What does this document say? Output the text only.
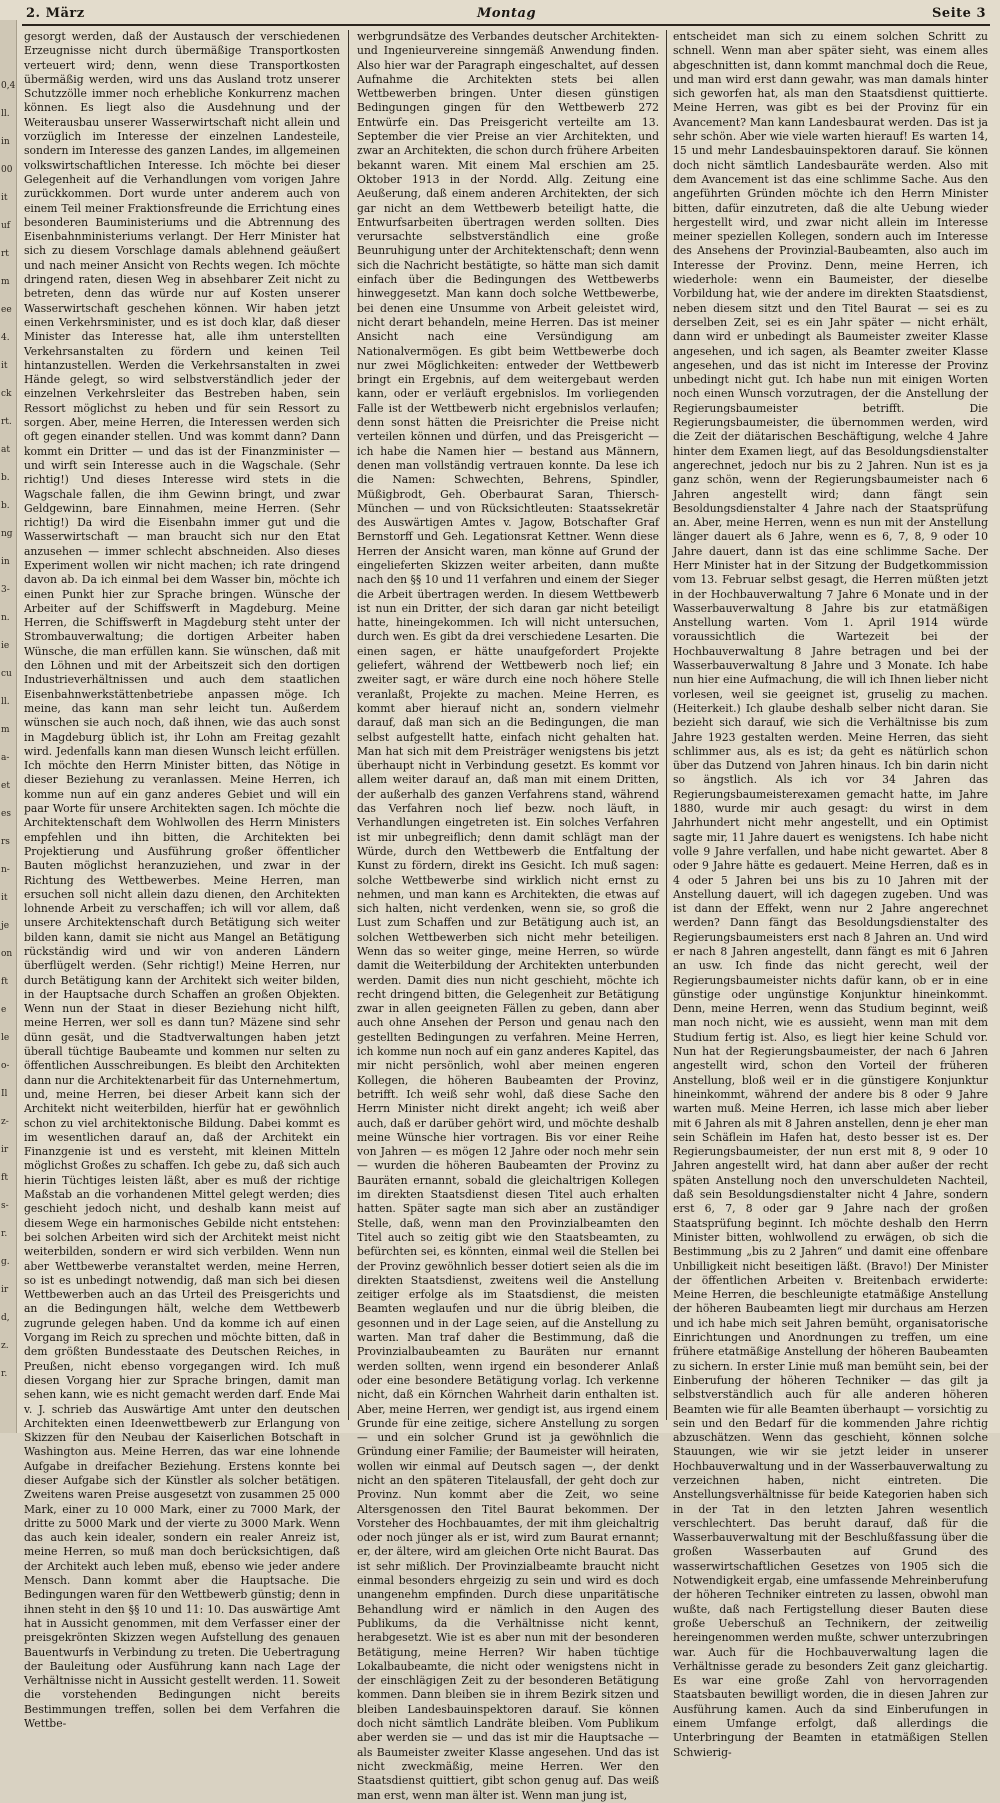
0,4
ll.
in
00
it
uf
rt
m
ee
4.
it
ck
rt.
at
b.
b.
ng
in
3-
n.
ie
cu
ll.
m
a-
et
es
rs
n-
it
je
on
ft
e
le
o-
Il
z-
ir
ft
s-
r.
g.
ir
d,
z.
r.
2. März	Montag	Seite 3

gesorgt werden, daß der Austausch der verschiedenen Erzeugnisse nicht durch übermäßige Transportkosten verteuert wird; denn, wenn diese Transportkosten übermäßig werden, wird uns das Ausland trotz unserer Schutzzölle immer noch erhebliche Konkurrenz machen können. Es liegt also die Ausdehnung und der Weiterausbau unserer Wasserwirtschaft nicht allein und vorzüglich im Interesse der einzelnen Landesteile, sondern im Interesse des ganzen Landes, im allgemeinen volkswirtschaftlichen Interesse. Ich möchte bei dieser Gelegenheit auf die Verhandlungen vom vorigen Jahre zurückkommen. Dort wurde unter anderem auch von einem Teil meiner Fraktionsfreunde die Errichtung eines besonderen Bauministeriums und die Abtrennung des Eisenbahnministeriums verlangt. Der Herr Minister hat sich zu diesem Vorschlage damals ablehnend geäußert und nach meiner Ansicht von Rechts wegen. Ich möchte dringend raten, diesen Weg in absehbarer Zeit nicht zu betreten, denn das würde nur auf Kosten unserer Wasserwirtschaft geschehen können. Wir haben jetzt einen Verkehrsminister, und es ist doch klar, daß dieser Minister das Interesse hat, alle ihm unterstellten Verkehrsanstalten zu fördern und keinen Teil hintanzustellen. Werden die Verkehrsanstalten in zwei Hände gelegt, so wird selbstverständlich jeder der einzelnen Verkehrsleiter das Bestreben haben, sein Ressort möglichst zu heben und für sein Ressort zu sorgen. Aber, meine Herren, die Interessen werden sich oft gegen einander stellen. Und was kommt dann? Dann kommt ein Dritter — und das ist der Finanzminister — und wirft sein Interesse auch in die Wagschale. (Sehr richtig!) Und dieses Interesse wird stets in die Wagschale fallen, die ihm Gewinn bringt, und zwar Geldgewinn, bare Einnahmen, meine Herren. (Sehr richtig!) Da wird die Eisenbahn immer gut und die Wasserwirtschaft — man braucht sich nur den Etat anzusehen — immer schlecht abschneiden. Also dieses Experiment wollen wir nicht machen; ich rate dringend davon ab. Da ich einmal bei dem Wasser bin, möchte ich einen Punkt hier zur Sprache bringen. Wünsche der Arbeiter auf der Schiffswerft in Magdeburg. Meine Herren, die Schiffswerft in Magdeburg steht unter der Strombauverwaltung; die dortigen Arbeiter haben Wünsche, die man erfüllen kann. Sie wünschen, daß mit den Löhnen und mit der Arbeitszeit sich den dortigen Industrieverhältnissen und auch dem staatlichen Eisenbahnwerkstättenbetriebe anpassen möge. Ich meine, das kann man sehr leicht tun. Außerdem wünschen sie auch noch, daß ihnen, wie das auch sonst in Magdeburg üblich ist, ihr Lohn am Freitag gezahlt wird. Jedenfalls kann man diesen Wunsch leicht erfüllen. Ich möchte den Herrn Minister bitten, das Nötige in dieser Beziehung zu veranlassen. Meine Herren, ich komme nun auf ein ganz anderes Gebiet und will ein paar Worte für unsere Architekten sagen. Ich möchte die Architektenschaft dem Wohlwollen des Herrn Ministers empfehlen und ihn bitten, die Architekten bei Projektierung und Ausführung großer öffentlicher Bauten möglichst heranzuziehen, und zwar in der Richtung des Wettbewerbes. Meine Herren, man ersuchen soll nicht allein dazu dienen, den Architekten lohnende Arbeit zu verschaffen; ich will vor allem, daß unsere Architektenschaft durch Betätigung sich weiter bilden kann, damit sie nicht aus Mangel an Betätigung rückständig wird und wir von anderen Ländern überflügelt werden. (Sehr richtig!) Meine Herren, nur durch Betätigung kann der Architekt sich weiter bilden, in der Hauptsache durch Schaffen an großen Objekten. Wenn nun der Staat in dieser Beziehung nicht hilft, meine Herren, wer soll es dann tun? Mäzene sind sehr dünn gesät, und die Stadtverwaltungen haben jetzt überall tüchtige Baubeamte und kommen nur selten zu öffentlichen Ausschreibungen. Es bleibt den Architekten dann nur die Architektenarbeit für das Unternehmertum, und, meine Herren, bei dieser Arbeit kann sich der Architekt nicht weiterbilden, hierfür hat er gewöhnlich schon zu viel architektonische Bildung. Dabei kommt es im wesentlichen darauf an, daß der Architekt ein Finanzgenie ist und es versteht, mit kleinen Mitteln möglichst Großes zu schaffen. Ich gebe zu, daß sich auch hierin Tüchtiges leisten läßt, aber es muß der richtige Maßstab an die vorhandenen Mittel gelegt werden; dies geschieht jedoch nicht, und deshalb kann meist auf diesem Wege ein harmonisches Gebilde nicht entstehen: bei solchen Arbeiten wird sich der Architekt meist nicht weiterbilden, sondern er wird sich verbilden. Wenn nun aber Wettbewerbe veranstaltet werden, meine Herren, so ist es unbedingt notwendig, daß man sich bei diesen Wettbewerben auch an das Urteil des Preisgerichts und an die Bedingungen hält, welche dem Wettbewerb zugrunde gelegen haben. Und da komme ich auf einen Vorgang im Reich zu sprechen und möchte bitten, daß in dem größten Bundesstaate des Deutschen Reiches, in Preußen, nicht ebenso vorgegangen wird. Ich muß diesen Vorgang hier zur Sprache bringen, damit man sehen kann, wie es nicht gemacht werden darf. Ende Mai v. J. schrieb das Auswärtige Amt unter den deutschen Architekten einen Ideenwettbewerb zur Erlangung von Skizzen für den Neubau der Kaiserlichen Botschaft in Washington aus. Meine Herren, das war eine lohnende Aufgabe in dreifacher Beziehung. Erstens konnte bei dieser Aufgabe sich der Künstler als solcher betätigen. Zweitens waren Preise ausgesetzt von zusammen 25 000 Mark, einer zu 10 000 Mark, einer zu 7000 Mark, der dritte zu 5000 Mark und der vierte zu 3000 Mark. Wenn das auch kein idealer, sondern ein realer Anreiz ist, meine Herren, so muß man doch berücksichtigen, daß der Architekt auch leben muß, ebenso wie jeder andere Mensch. Dann kommt aber die Hauptsache. Die Bedingungen waren für den Wettbewerb günstig; denn in ihnen steht in den §§ 10 und 11: 10. Das auswärtige Amt hat in Aussicht genommen, mit dem Verfasser einer der preisgekrönten Skizzen wegen Aufstellung des genauen Bauentwurfs in Verbindung zu treten. Die Uebertragung der Bauleitung oder Ausführung kann nach Lage der Verhältnisse nicht in Aussicht gestellt werden. 11. Soweit die vorstehenden Bedingungen nicht bereits Bestimmungen treffen, sollen bei dem Verfahren die Wettbe-

werbgrundsätze des Verbandes deutscher Architekten- und Ingenieurvereine sinngemäß Anwendung finden. Also hier war der Paragraph eingeschaltet, auf dessen Aufnahme die Architekten stets bei allen Wettbewerben bringen. Unter diesen günstigen Bedingungen gingen für den Wettbewerb 272 Entwürfe ein. Das Preisgericht verteilte am 13. September die vier Preise an vier Architekten, und zwar an Architekten, die schon durch frühere Arbeiten bekannt waren. Mit einem Mal erschien am 25. Oktober 1913 in der Nordd. Allg. Zeitung eine Aeußerung, daß einem anderen Architekten, der sich gar nicht an dem Wettbewerb beteiligt hatte, die Entwurfsarbeiten übertragen werden sollten. Dies verursachte selbstverständlich eine große Beunruhigung unter der Architektenschaft; denn wenn sich die Nachricht bestätigte, so hätte man sich damit einfach über die Bedingungen des Wettbewerbs hinweggesetzt. Man kann doch solche Wettbewerbe, bei denen eine Unsumme von Arbeit geleistet wird, nicht derart behandeln, meine Herren. Das ist meiner Ansicht nach eine Versündigung am Nationalvermögen. Es gibt beim Wettbewerbe doch nur zwei Möglichkeiten: entweder der Wettbewerb bringt ein Ergebnis, auf dem weitergebaut werden kann, oder er verläuft ergebnislos. Im vorliegenden Falle ist der Wettbewerb nicht ergebnislos verlaufen; denn sonst hätten die Preisrichter die Preise nicht verteilen können und dürfen, und das Preisgericht — ich habe die Namen hier — bestand aus Männern, denen man vollständig vertrauen konnte. Da lese ich die Namen: Schwechten, Behrens, Spindler, Müßigbrodt, Geh. Oberbaurat Saran, Thiersch-München — und von Rücksichtleuten: Staatssekretär des Auswärtigen Amtes v. Jagow, Botschafter Graf Bernstorff und Geh. Legationsrat Kettner. Wenn diese Herren der Ansicht waren, man könne auf Grund der eingelieferten Skizzen weiter arbeiten, dann mußte nach den §§ 10 und 11 verfahren und einem der Sieger die Arbeit übertragen werden. In diesem Wettbewerb ist nun ein Dritter, der sich daran gar nicht beteiligt hatte, hineingekommen. Ich will nicht untersuchen, durch wen. Es gibt da drei verschiedene Lesarten. Die einen sagen, er hätte unaufgefordert Projekte geliefert, während der Wettbewerb noch lief; ein zweiter sagt, er wäre durch eine noch höhere Stelle veranlaßt, Projekte zu machen. Meine Herren, es kommt aber hierauf nicht an, sondern vielmehr darauf, daß man sich an die Bedingungen, die man selbst aufgestellt hatte, einfach nicht gehalten hat. Man hat sich mit dem Preisträger wenigstens bis jetzt überhaupt nicht in Verbindung gesetzt. Es kommt vor allem weiter darauf an, daß man mit einem Dritten, der außerhalb des ganzen Verfahrens stand, während das Verfahren noch lief bezw. noch läuft, in Verhandlungen eingetreten ist. Ein solches Verfahren ist mir unbegreiflich; denn damit schlägt man der Würde, durch den Wettbewerb die Entfaltung der Kunst zu fördern, direkt ins Gesicht. Ich muß sagen: solche Wettbewerbe sind wirklich nicht ernst zu nehmen, und man kann es Architekten, die etwas auf sich halten, nicht verdenken, wenn sie, so groß die Lust zum Schaffen und zur Betätigung auch ist, an solchen Wettbewerben sich nicht mehr beteiligen. Wenn das so weiter ginge, meine Herren, so würde damit die Weiterbildung der Architekten unterbunden werden. Damit dies nun nicht geschieht, möchte ich recht dringend bitten, die Gelegenheit zur Betätigung zwar in allen geeigneten Fällen zu geben, dann aber auch ohne Ansehen der Person und genau nach den gestellten Bedingungen zu verfahren. Meine Herren, ich komme nun noch auf ein ganz anderes Kapitel, das mir nicht persönlich, wohl aber meinen engeren Kollegen, die höheren Baubeamten der Provinz, betrifft. Ich weiß sehr wohl, daß diese Sache den Herrn Minister nicht direkt angeht; ich weiß aber auch, daß er darüber gehört wird, und möchte deshalb meine Wünsche hier vortragen. Bis vor einer Reihe von Jahren — es mögen 12 Jahre oder noch mehr sein — wurden die höheren Baubeamten der Provinz zu Bauräten ernannt, sobald die gleichaltrigen Kollegen im direkten Staatsdienst diesen Titel auch erhalten hatten. Später sagte man sich aber an zuständiger Stelle, daß, wenn man den Provinzialbeamten den Titel auch so zeitig gibt wie den Staatsbeamten, zu befürchten sei, es könnten, einmal weil die Stellen bei der Provinz gewöhnlich besser dotiert seien als die im direkten Staatsdienst, zweitens weil die Anstellung zeitiger erfolge als im Staatsdienst, die meisten Beamten weglaufen und nur die übrig bleiben, die gesonnen und in der Lage seien, auf die Anstellung zu warten. Man traf daher die Bestimmung, daß die Provinzialbaubeamten zu Bauräten nur ernannt werden sollten, wenn irgend ein besonderer Anlaß oder eine besondere Betätigung vorlag. Ich verkenne nicht, daß ein Körnchen Wahrheit darin enthalten ist. Aber, meine Herren, wer gendigt ist, aus irgend einem Grunde für eine zeitige, sichere Anstellung zu sorgen — und ein solcher Grund ist ja gewöhnlich die Gründung einer Familie; der Baumeister will heiraten, wollen wir einmal auf Deutsch sagen —, der denkt nicht an den späteren Titelausfall, der geht doch zur Provinz. Nun kommt aber die Zeit, wo seine Altersgenossen den Titel Baurat bekommen. Der Vorsteher des Hochbauamtes, der mit ihm gleichaltrig oder noch jünger als er ist, wird zum Baurat ernannt; er, der ältere, wird am gleichen Orte nicht Baurat. Das ist sehr mißlich. Der Provinzialbeamte braucht nicht einmal besonders ehrgeizig zu sein und wird es doch unangenehm empfinden. Durch diese unparitätische Behandlung wird er nämlich in den Augen des Publikums, da die Verhältnisse nicht kennt, herabgesetzt. Wie ist es aber nun mit der besonderen Betätigung, meine Herren? Wir haben tüchtige Lokalbaubeamte, die nicht oder wenigstens nicht in der einschlägigen Zeit zu der besonderen Betätigung kommen. Dann bleiben sie in ihrem Bezirk sitzen und bleiben Landesbauinspektoren darauf. Sie können doch nicht sämtlich Landräte bleiben. Vom Publikum aber werden sie — und das ist mir die Hauptsache — als Baumeister zweiter Klasse angesehen. Und das ist nicht zweckmäßig, meine Herren. Wer den Staatsdienst quittiert, gibt schon genug auf. Das weiß man erst, wenn man älter ist. Wenn man jung ist,

entscheidet man sich zu einem solchen Schritt zu schnell. Wenn man aber später sieht, was einem alles abgeschnitten ist, dann kommt manchmal doch die Reue, und man wird erst dann gewahr, was man damals hinter sich geworfen hat, als man den Staatsdienst quittierte. Meine Herren, was gibt es bei der Provinz für ein Avancement? Man kann Landesbaurat werden. Das ist ja sehr schön. Aber wie viele warten hierauf! Es warten 14, 15 und mehr Landesbauinspektoren darauf. Sie können doch nicht sämtlich Landesbauräte werden. Also mit dem Avancement ist das eine schlimme Sache. Aus den angeführten Gründen möchte ich den Herrn Minister bitten, dafür einzutreten, daß die alte Uebung wieder hergestellt wird, und zwar nicht allein im Interesse meiner speziellen Kollegen, sondern auch im Interesse des Ansehens der Provinzial-Baubeamten, also auch im Interesse der Provinz. Denn, meine Herren, ich wiederhole: wenn ein Baumeister, der dieselbe Vorbildung hat, wie der andere im direkten Staatsdienst, neben diesem sitzt und den Titel Baurat — sei es zu derselben Zeit, sei es ein Jahr später — nicht erhält, dann wird er unbedingt als Baumeister zweiter Klasse angesehen, und ich sagen, als Beamter zweiter Klasse angesehen, und das ist nicht im Interesse der Provinz unbedingt nicht gut. Ich habe nun mit einigen Worten noch einen Wunsch vorzutragen, der die Anstellung der Regierungsbaumeister betrifft. Die Regierungsbaumeister, die übernommen werden, wird die Zeit der diätarischen Beschäftigung, welche 4 Jahre hinter dem Examen liegt, auf das Besoldungsdienstalter angerechnet, jedoch nur bis zu 2 Jahren. Nun ist es ja ganz schön, wenn der Regierungsbaumeister nach 6 Jahren angestellt wird; dann fängt sein Besoldungsdienstalter 4 Jahre nach der Staatsprüfung an. Aber, meine Herren, wenn es nun mit der Anstellung länger dauert als 6 Jahre, wenn es 6, 7, 8, 9 oder 10 Jahre dauert, dann ist das eine schlimme Sache. Der Herr Minister hat in der Sitzung der Budgetkommission vom 13. Februar selbst gesagt, die Herren müßten jetzt in der Hochbauverwaltung 7 Jahre 6 Monate und in der Wasserbauverwaltung 8 Jahre bis zur etatmäßigen Anstellung warten. Vom 1. April 1914 würde voraussichtlich die Wartezeit bei der Hochbauverwaltung 8 Jahre betragen und bei der Wasserbauverwaltung 8 Jahre und 3 Monate. Ich habe nun hier eine Aufmachung, die will ich Ihnen lieber nicht vorlesen, weil sie geeignet ist, gruselig zu machen. (Heiterkeit.) Ich glaube deshalb selber nicht daran. Sie bezieht sich darauf, wie sich die Verhältnisse bis zum Jahre 1923 gestalten werden. Meine Herren, das sieht schlimmer aus, als es ist; da geht es nätürlich schon über das Dutzend von Jahren hinaus. Ich bin darin nicht so ängstlich. Als ich vor 34 Jahren das Regierungsbaumeisterexamen gemacht hatte, im Jahre 1880, wurde mir auch gesagt: du wirst in dem Jahrhundert nicht mehr angestellt, und ein Optimist sagte mir, 11 Jahre dauert es wenigstens. Ich habe nicht volle 9 Jahre verfallen, und habe nicht gewartet. Aber 8 oder 9 Jahre hätte es gedauert. Meine Herren, daß es in 4 oder 5 Jahren bei uns bis zu 10 Jahren mit der Anstellung dauert, will ich dagegen zugeben. Und was ist dann der Effekt, wenn nur 2 Jahre angerechnet werden? Dann fängt das Besoldungsdienstalter des Regierungsbaumeisters erst nach 8 Jahren an. Und wird er nach 8 Jahren angestellt, dann fängt es mit 6 Jahren an usw. Ich finde das nicht gerecht, weil der Regierungsbaumeister nichts dafür kann, ob er in eine günstige oder ungünstige Konjunktur hineinkommt. Denn, meine Herren, wenn das Studium beginnt, weiß man noch nicht, wie es aussieht, wenn man mit dem Studium fertig ist. Also, es liegt hier keine Schuld vor. Nun hat der Regierungsbaumeister, der nach 6 Jahren angestellt wird, schon den Vorteil der früheren Anstellung, bloß weil er in die günstigere Konjunktur hineinkommt, während der andere bis 8 oder 9 Jahre warten muß. Meine Herren, ich lasse mich aber lieber mit 6 Jahren als mit 8 Jahren anstellen, denn je eher man sein Schäflein im Hafen hat, desto besser ist es. Der Regierungsbaumeister, der nun erst mit 8, 9 oder 10 Jahren angestellt wird, hat dann aber außer der recht späten Anstellung noch den unverschuldeten Nachteil, daß sein Besoldungsdienstalter nicht 4 Jahre, sondern erst 6, 7, 8 oder gar 9 Jahre nach der großen Staatsprüfung beginnt. Ich möchte deshalb den Herrn Minister bitten, wohlwollend zu erwägen, ob sich die Bestimmung „bis zu 2 Jahren“ und damit eine offenbare Unbilligkeit nicht beseitigen läßt. (Bravo!) Der Minister der öffentlichen Arbeiten v. Breitenbach erwiderte: Meine Herren, die beschleunigte etatmäßige Anstellung der höheren Baubeamten liegt mir durchaus am Herzen und ich habe mich seit Jahren bemüht, organisatorische Einrichtungen und Anordnungen zu treffen, um eine frühere etatmäßige Anstellung der höheren Baubeamten zu sichern. In erster Linie muß man bemüht sein, bei der Einberufung der höheren Techniker — das gilt ja selbstverständlich auch für alle anderen höheren Beamten wie für alle Beamten überhaupt — vorsichtig zu sein und den Bedarf für die kommenden Jahre richtig abzuschätzen. Wenn das geschieht, können solche Stauungen, wie wir sie jetzt leider in unserer Hochbauverwaltung und in der Wasserbauverwaltung zu verzeichnen haben, nicht eintreten. Die Anstellungsverhältnisse für beide Kategorien haben sich in der Tat in den letzten Jahren wesentlich verschlechtert. Das beruht darauf, daß für die Wasserbauverwaltung mit der Beschlußfassung über die großen Wasserbauten auf Grund des wasserwirtschaftlichen Gesetzes von 1905 sich die Notwendigkeit ergab, eine umfassende Mehreinberufung der höheren Techniker eintreten zu lassen, obwohl man wußte, daß nach Fertigstellung dieser Bauten diese große Ueberschuß an Technikern, der zeitweilig hereingenommen werden mußte, schwer unterzubringen war. Auch für die Hochbauverwaltung lagen die Verhältnisse gerade zu besonders Zeit ganz gleichartig. Es war eine große Zahl von hervorragenden Staatsbauten bewilligt worden, die in diesen Jahren zur Ausführung kamen. Auch da sind Einberufungen in einem Umfange erfolgt, daß allerdings die Unterbringung der Beamten in etatmäßigen Stellen Schwierig-
